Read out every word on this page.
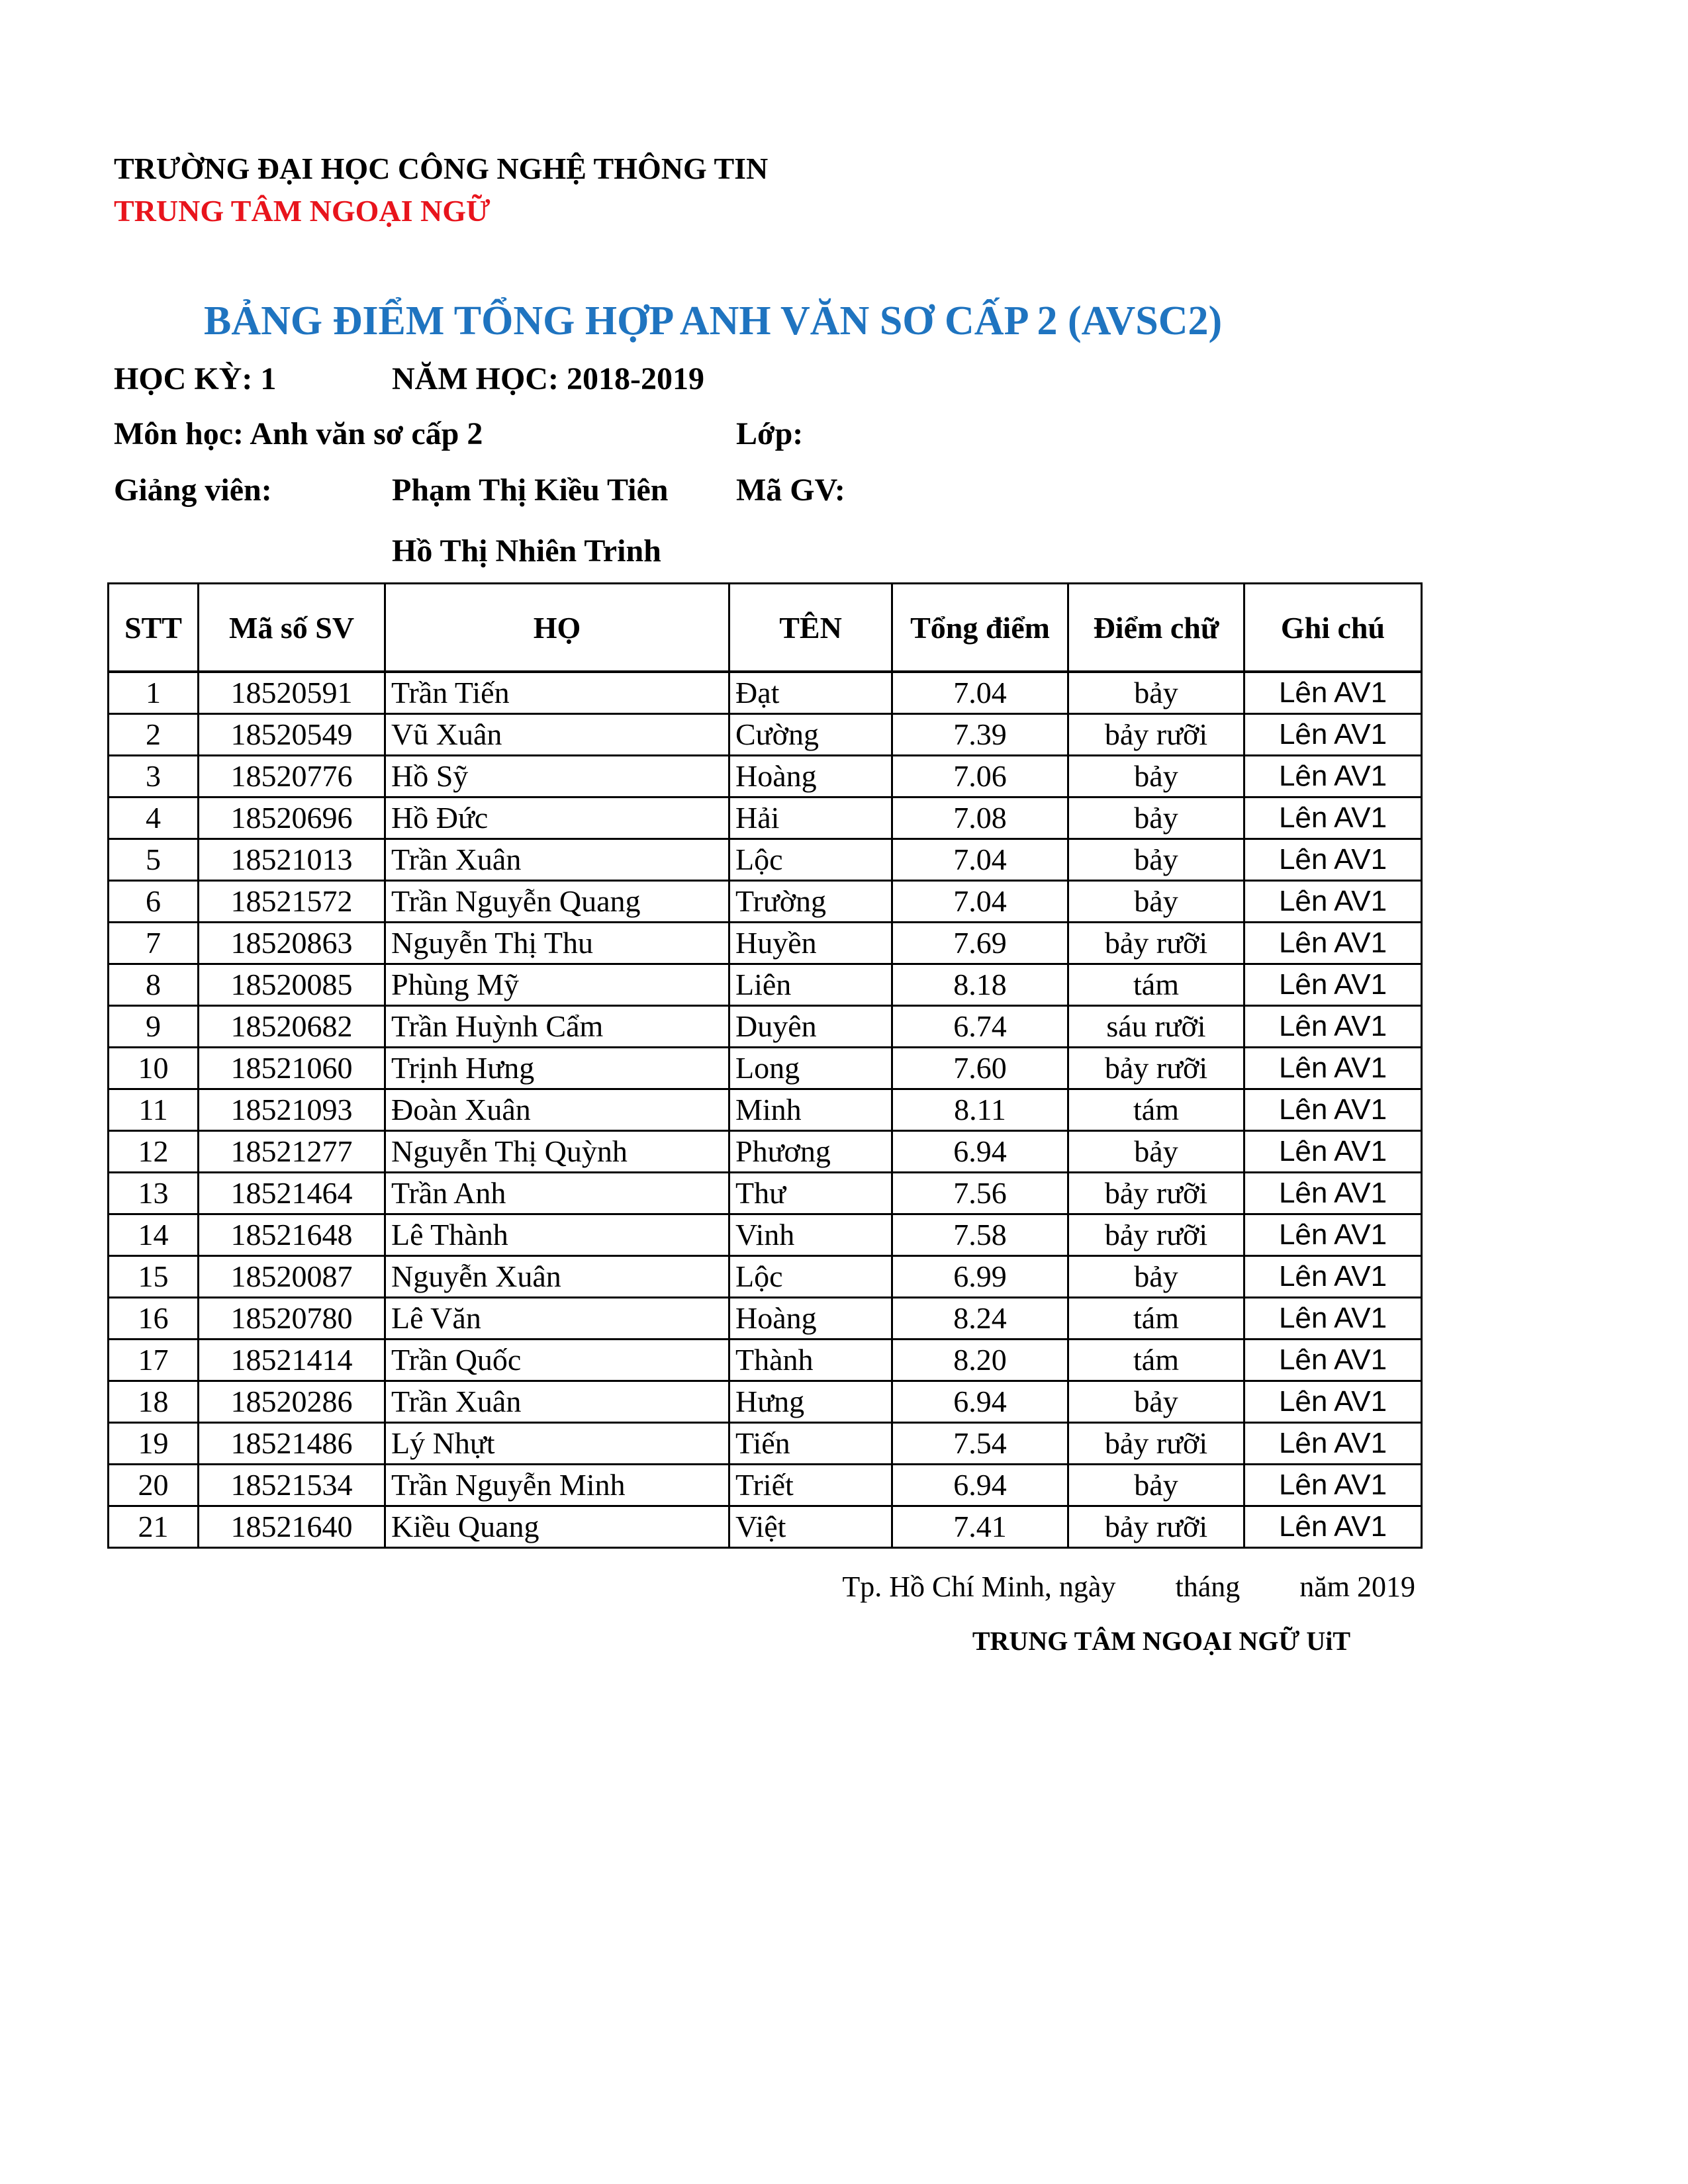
TRƯỜNG ĐẠI HỌC CÔNG NGHỆ THÔNG TIN
TRUNG TÂM NGOẠI NGỮ
BẢNG ĐIỂM TỔNG HỢP ANH VĂN SƠ CẤP 2 (AVSC2)
HỌC KỲ: 1	NĂM HỌC: 2018-2019
Môn học: Anh văn sơ cấp 2	Lớp:
Giảng viên:	Phạm Thị Kiều Tiên Mã GV:
Hồ Thị Nhiên Trinh
STT	Mã số SV	HỌ	TÊN	Tổng điểm	Điểm chữ	Ghi chú
1	18520591	Trần Tiến	Đạt	7.04	bảy	Lên AV1
2	18520549	Vũ Xuân	Cường	7.39	bảy rưỡi	Lên AV1
3	18520776	Hồ Sỹ	Hoàng	7.06	bảy	Lên AV1
4	18520696	Hồ Đức	Hải	7.08	bảy	Lên AV1
5	18521013	Trần Xuân	Lộc	7.04	bảy	Lên AV1
6	18521572	Trần Nguyễn Quang	Trường	7.04	bảy	Lên AV1
7	18520863	Nguyễn Thị Thu	Huyền	7.69	bảy rưỡi	Lên AV1
8	18520085	Phùng Mỹ	Liên	8.18	tám	Lên AV1
9	18520682	Trần Huỳnh Cẩm	Duyên	6.74	sáu rưỡi	Lên AV1
10	18521060	Trịnh Hưng	Long	7.60	bảy rưỡi	Lên AV1
11	18521093	Đoàn Xuân	Minh	8.11	tám	Lên AV1
12	18521277	Nguyễn Thị Quỳnh	Phương	6.94	bảy	Lên AV1
13	18521464	Trần Anh	Thư	7.56	bảy rưỡi	Lên AV1
14	18521648	Lê Thành	Vinh	7.58	bảy rưỡi	Lên AV1
15	18520087	Nguyễn Xuân	Lộc	6.99	bảy	Lên AV1
16	18520780	Lê Văn	Hoàng	8.24	tám	Lên AV1
17	18521414	Trần Quốc	Thành	8.20	tám	Lên AV1
18	18520286	Trần Xuân	Hưng	6.94	bảy	Lên AV1
19	18521486	Lý Nhựt	Tiến	7.54	bảy rưỡi	Lên AV1
20	18521534	Trần Nguyễn Minh	Triết	6.94	bảy	Lên AV1
21	18521640	Kiều Quang	Việt	7.41	bảy rưỡi	Lên AV1
Tp. Hồ Chí Minh, ngày tháng năm 2019
TRUNG TÂM NGOẠI NGỮ UiT
